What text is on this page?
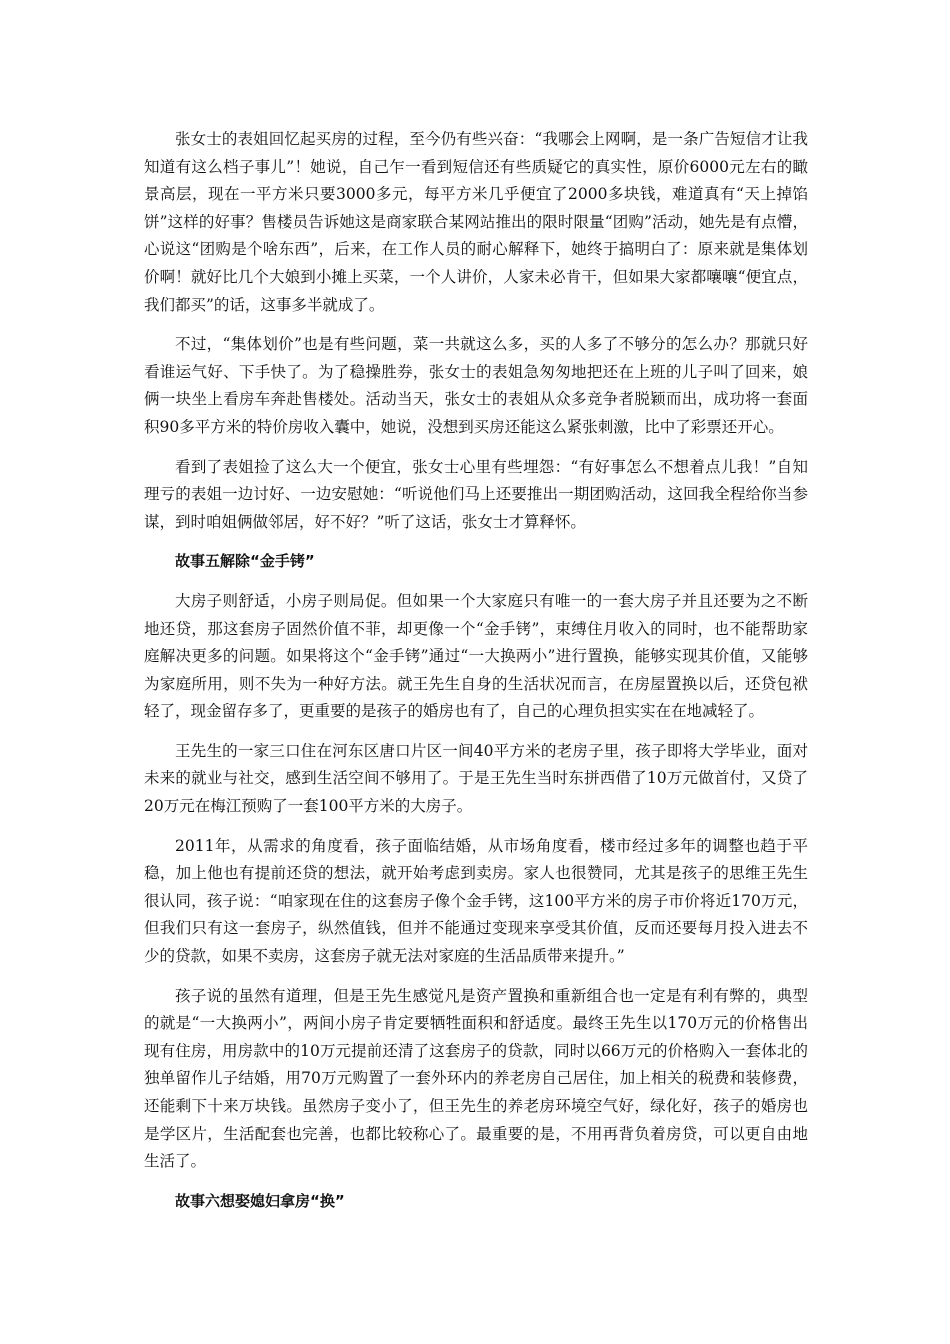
张女士的表姐回忆起买房的过程，至今仍有些兴奋：“我哪会上网啊，是一条广告短信才让我知道有这么档子事儿”！她说，自己乍一看到短信还有些质疑它的真实性，原价6000元左右的瞰景高层，现在一平方米只要3000多元，每平方米几乎便宜了2000多块钱，难道真有“天上掉馅饼”这样的好事？售楼员告诉她这是商家联合某网站推出的限时限量“团购”活动，她先是有点懵，心说这“团购是个啥东西”，后来，在工作人员的耐心解释下，她终于搞明白了：原来就是集体划价啊！就好比几个大娘到小摊上买菜，一个人讲价，人家未必肯干，但如果大家都嚷嚷“便宜点，我们都买”的话，这事多半就成了。

不过，“集体划价”也是有些问题，菜一共就这么多，买的人多了不够分的怎么办？那就只好看谁运气好、下手快了。为了稳操胜券，张女士的表姐急匆匆地把还在上班的儿子叫了回来，娘俩一块坐上看房车奔赴售楼处。活动当天，张女士的表姐从众多竞争者脱颖而出，成功将一套面积90多平方米的特价房收入囊中，她说，没想到买房还能这么紧张刺激，比中了彩票还开心。

看到了表姐捡了这么大一个便宜，张女士心里有些埋怨：“有好事怎么不想着点儿我！”自知理亏的表姐一边讨好、一边安慰她：“听说他们马上还要推出一期团购活动，这回我全程给你当参谋，到时咱姐俩做邻居，好不好？”听了这话，张女士才算释怀。

故事五解除“金手铐”

大房子则舒适，小房子则局促。但如果一个大家庭只有唯一的一套大房子并且还要为之不断地还贷，那这套房子固然价值不菲，却更像一个“金手铐”，束缚住月收入的同时，也不能帮助家庭解决更多的问题。如果将这个“金手铐”通过“一大换两小”进行置换，能够实现其价值，又能够为家庭所用，则不失为一种好方法。就王先生自身的生活状况而言，在房屋置换以后，还贷包袱轻了，现金留存多了，更重要的是孩子的婚房也有了，自己的心理负担实实在在地减轻了。

王先生的一家三口住在河东区唐口片区一间40平方米的老房子里，孩子即将大学毕业，面对未来的就业与社交，感到生活空间不够用了。于是王先生当时东拼西借了10万元做首付，又贷了20万元在梅江预购了一套100平方米的大房子。

2011年，从需求的角度看，孩子面临结婚，从市场角度看，楼市经过多年的调整也趋于平稳，加上他也有提前还贷的想法，就开始考虑到卖房。家人也很赞同，尤其是孩子的思维王先生很认同，孩子说：“咱家现在住的这套房子像个金手铐，这100平方米的房子市价将近170万元，但我们只有这一套房子，纵然值钱，但并不能通过变现来享受其价值，反而还要每月投入进去不少的贷款，如果不卖房，这套房子就无法对家庭的生活品质带来提升。”

孩子说的虽然有道理，但是王先生感觉凡是资产置换和重新组合也一定是有利有弊的，典型的就是“一大换两小”，两间小房子肯定要牺牲面积和舒适度。最终王先生以170万元的价格售出现有住房，用房款中的10万元提前还清了这套房子的贷款，同时以66万元的价格购入一套体北的独单留作儿子结婚，用70万元购置了一套外环内的养老房自己居住，加上相关的税费和装修费，还能剩下十来万块钱。虽然房子变小了，但王先生的养老房环境空气好，绿化好，孩子的婚房也是学区片，生活配套也完善，也都比较称心了。最重要的是，不用再背负着房贷，可以更自由地生活了。

故事六想娶媳妇拿房“换”
